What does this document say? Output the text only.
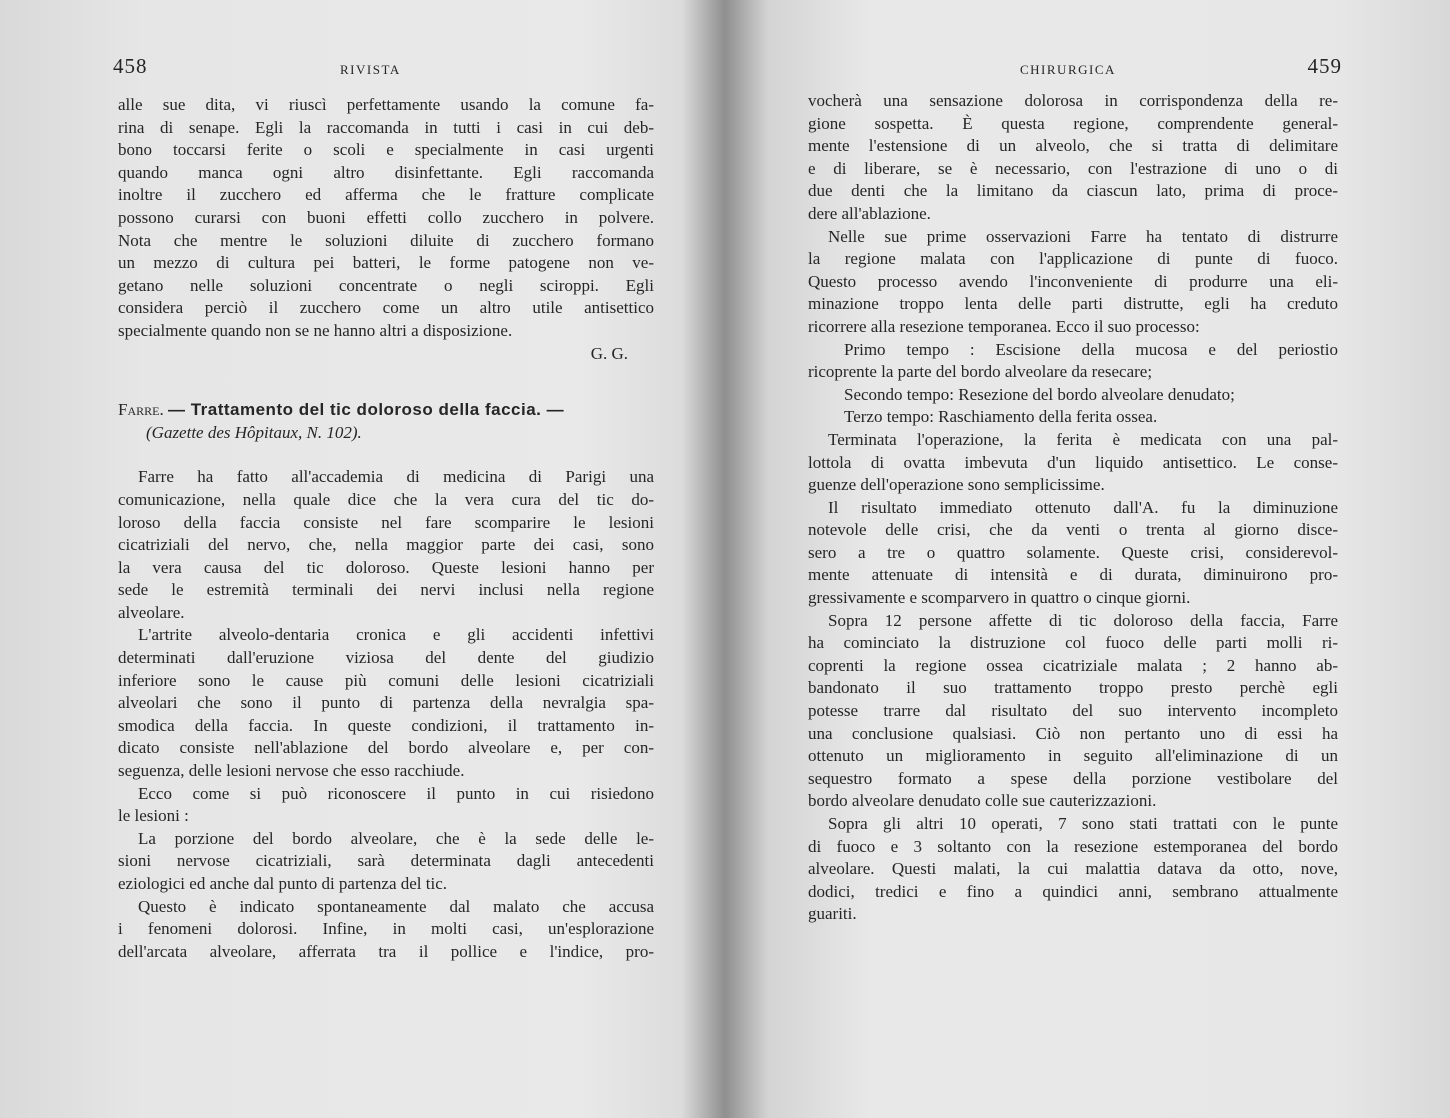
458	RIVISTA
alle sue dita, vi riuscì perfettamente usando la comune fa-
rina di senape. Egli la raccomanda in tutti i casi in cui deb-
bono toccarsi ferite o scoli e specialmente in casi urgenti
quando manca ogni altro disinfettante. Egli raccomanda
inoltre il zucchero ed afferma che le fratture complicate
possono curarsi con buoni effetti collo zucchero in polvere.
Nota che mentre le soluzioni diluite di zucchero formano
un mezzo di cultura pei batteri, le forme patogene non ve-
getano nelle soluzioni concentrate o negli sciroppi. Egli
considera perciò il zucchero come un altro utile antisettico
specialmente quando non se ne hanno altri a disposizione.
G. G.
Farre. — Trattamento del tic doloroso della faccia. —
(Gazette des Hôpitaux, N. 102).
Farre ha fatto all'accademia di medicina di Parigi una
comunicazione, nella quale dice che la vera cura del tic do-
loroso della faccia consiste nel fare scomparire le lesioni
cicatriziali del nervo, che, nella maggior parte dei casi, sono
la vera causa del tic doloroso. Queste lesioni hanno per
sede le estremità terminali dei nervi inclusi nella regione
alveolare.
L'artrite alveolo-dentaria cronica e gli accidenti infettivi
determinati dall'eruzione viziosa del dente del giudizio
inferiore sono le cause più comuni delle lesioni cicatriziali
alveolari che sono il punto di partenza della nevralgia spa-
smodica della faccia. In queste condizioni, il trattamento in-
dicato consiste nell'ablazione del bordo alveolare e, per con-
seguenza, delle lesioni nervose che esso racchiude.
Ecco come si può riconoscere il punto in cui risiedono
le lesioni :
La porzione del bordo alveolare, che è la sede delle le-
sioni nervose cicatriziali, sarà determinata dagli antecedenti
eziologici ed anche dal punto di partenza del tic.
Questo è indicato spontaneamente dal malato che accusa
i fenomeni dolorosi. Infine, in molti casi, un'esplorazione
dell'arcata alveolare, afferrata tra il pollice e l'indice, pro-
CHIRURGICA	459
vocherà una sensazione dolorosa in corrispondenza della re-
gione sospetta. È questa regione, comprendente general-
mente l'estensione di un alveolo, che si tratta di delimitare
e di liberare, se è necessario, con l'estrazione di uno o di
due denti che la limitano da ciascun lato, prima di proce-
dere all'ablazione.
Nelle sue prime osservazioni Farre ha tentato di distrurre
la regione malata con l'applicazione di punte di fuoco.
Questo processo avendo l'inconveniente di produrre una eli-
minazione troppo lenta delle parti distrutte, egli ha creduto
ricorrere alla resezione temporanea. Ecco il suo processo:
Primo tempo : Escisione della mucosa e del periostio
ricoprente la parte del bordo alveolare da resecare;
Secondo tempo: Resezione del bordo alveolare denudato;
Terzo tempo: Raschiamento della ferita ossea.
Terminata l'operazione, la ferita è medicata con una pal-
lottola di ovatta imbevuta d'un liquido antisettico. Le conse-
guenze dell'operazione sono semplicissime.
Il risultato immediato ottenuto dall'A. fu la diminuzione
notevole delle crisi, che da venti o trenta al giorno disce-
sero a tre o quattro solamente. Queste crisi, considerevol-
mente attenuate di intensità e di durata, diminuirono pro-
gressivamente e scomparvero in quattro o cinque giorni.
Sopra 12 persone affette di tic doloroso della faccia, Farre
ha cominciato la distruzione col fuoco delle parti molli ri-
coprenti la regione ossea cicatriziale malata ; 2 hanno ab-
bandonato il suo trattamento troppo presto perchè egli
potesse trarre dal risultato del suo intervento incompleto
una conclusione qualsiasi. Ciò non pertanto uno di essi ha
ottenuto un miglioramento in seguito all'eliminazione di un
sequestro formato a spese della porzione vestibolare del
bordo alveolare denudato colle sue cauterizzazioni.
Sopra gli altri 10 operati, 7 sono stati trattati con le punte
di fuoco e 3 soltanto con la resezione estemporanea del bordo
alveolare. Questi malati, la cui malattia datava da otto, nove,
dodici, tredici e fino a quindici anni, sembrano attualmente
guariti.
